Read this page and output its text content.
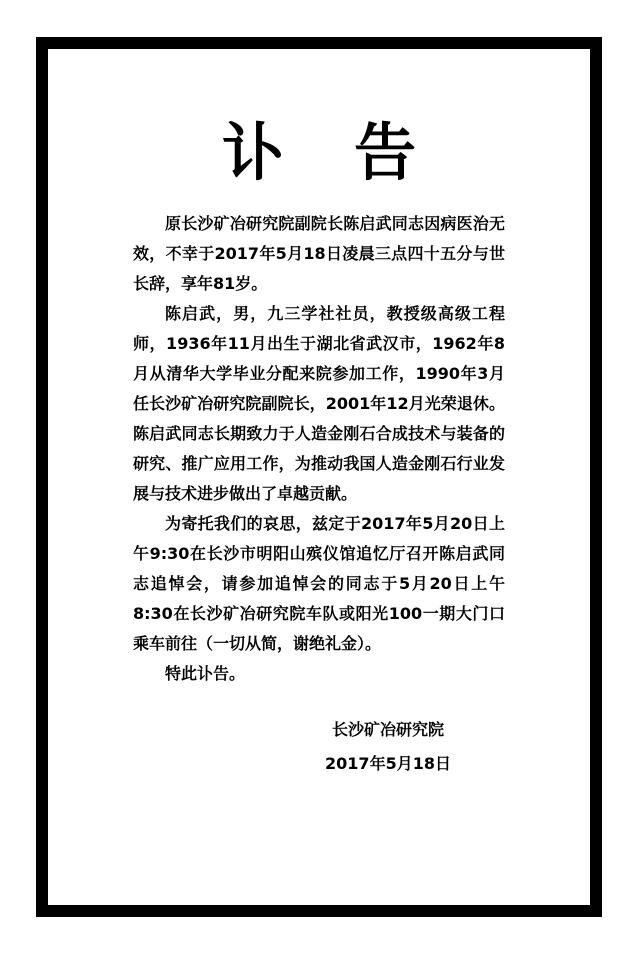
讣 告

原长沙矿冶研究院副院长陈启武同志因病医治无效，不幸于2017年5月18日凌晨三点四十五分与世长辞，享年81岁。

陈启武，男，九三学社社员，教授级高级工程师，1936年11月出生于湖北省武汉市，1962年8月从清华大学毕业分配来院参加工作，1990年3月任长沙矿冶研究院副院长，2001年12月光荣退休。陈启武同志长期致力于人造金刚石合成技术与装备的研究、推广应用工作，为推动我国人造金刚石行业发展与技术进步做出了卓越贡献。

为寄托我们的哀思，兹定于2017年5月20日上午9:30在长沙市明阳山殡仪馆追忆厅召开陈启武同志追悼会，请参加追悼会的同志于5月20日上午8:30在长沙矿冶研究院车队或阳光100一期大门口乘车前往（一切从简，谢绝礼金）。

特此讣告。

长沙矿冶研究院
2017年5月18日
